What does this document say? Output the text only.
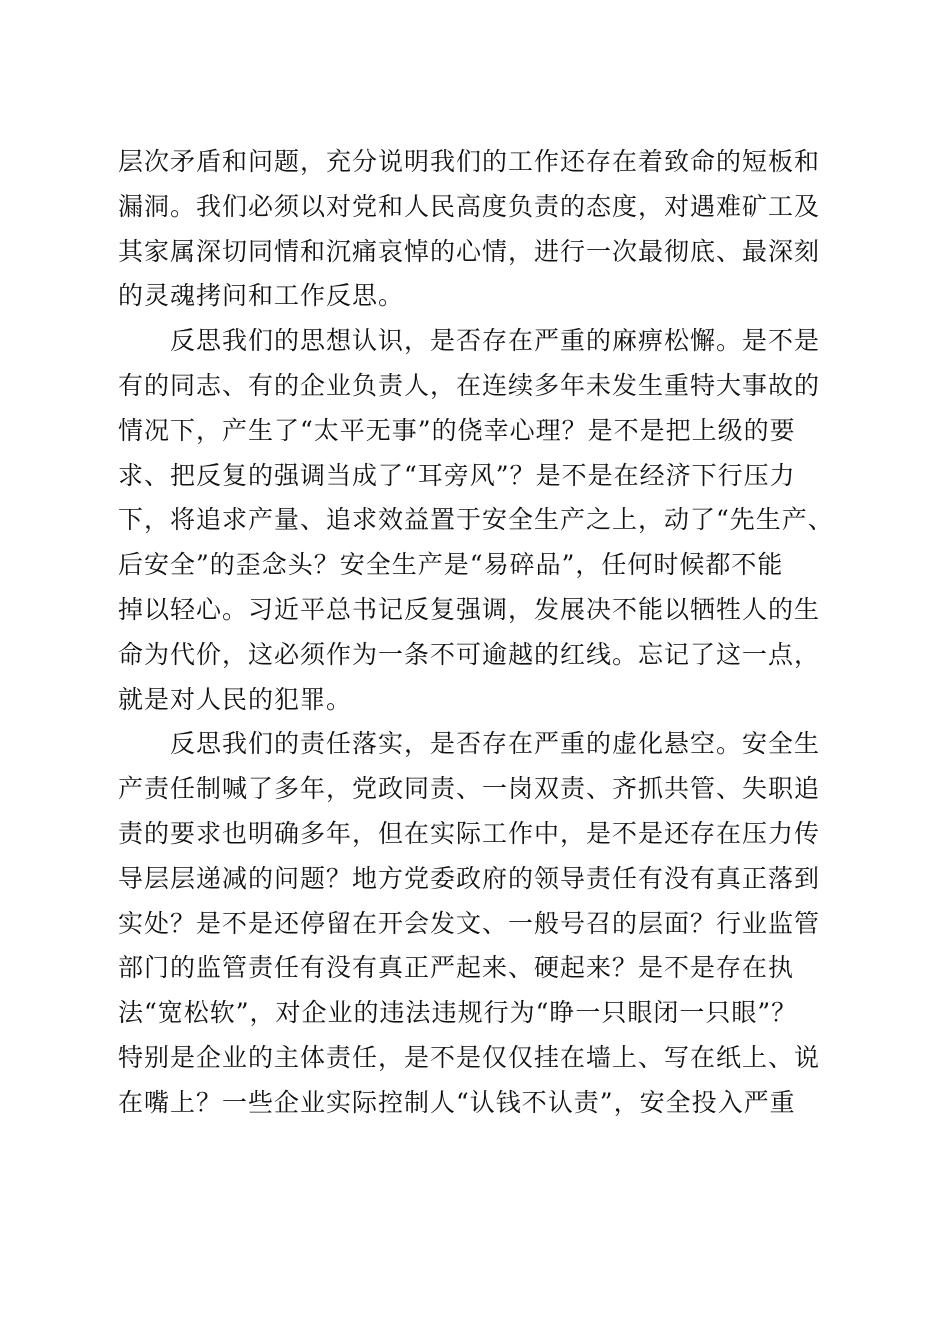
层次矛盾和问题，充分说明我们的工作还存在着致命的短板和
漏洞。我们必须以对党和人民高度负责的态度，对遇难矿工及
其家属深切同情和沉痛哀悼的心情，进行一次最彻底、最深刻
的灵魂拷问和工作反思。
反思我们的思想认识，是否存在严重的麻痹松懈。是不是
有的同志、有的企业负责人，在连续多年未发生重特大事故的
情况下，产生了“太平无事”的侥幸心理？是不是把上级的要
求、把反复的强调当成了“耳旁风”？是不是在经济下行压力
下，将追求产量、追求效益置于安全生产之上，动了“先生产、
后安全”的歪念头？安全生产是“易碎品”，任何时候都不能
掉以轻心。习近平总书记反复强调，发展决不能以牺牲人的生
命为代价，这必须作为一条不可逾越的红线。忘记了这一点，
就是对人民的犯罪。
反思我们的责任落实，是否存在严重的虚化悬空。安全生
产责任制喊了多年，党政同责、一岗双责、齐抓共管、失职追
责的要求也明确多年，但在实际工作中，是不是还存在压力传
导层层递减的问题？地方党委政府的领导责任有没有真正落到
实处？是不是还停留在开会发文、一般号召的层面？行业监管
部门的监管责任有没有真正严起来、硬起来？是不是存在执
法“宽松软”，对企业的违法违规行为“睁一只眼闭一只眼”？
特别是企业的主体责任，是不是仅仅挂在墙上、写在纸上、说
在嘴上？一些企业实际控制人“认钱不认责”，安全投入严重
